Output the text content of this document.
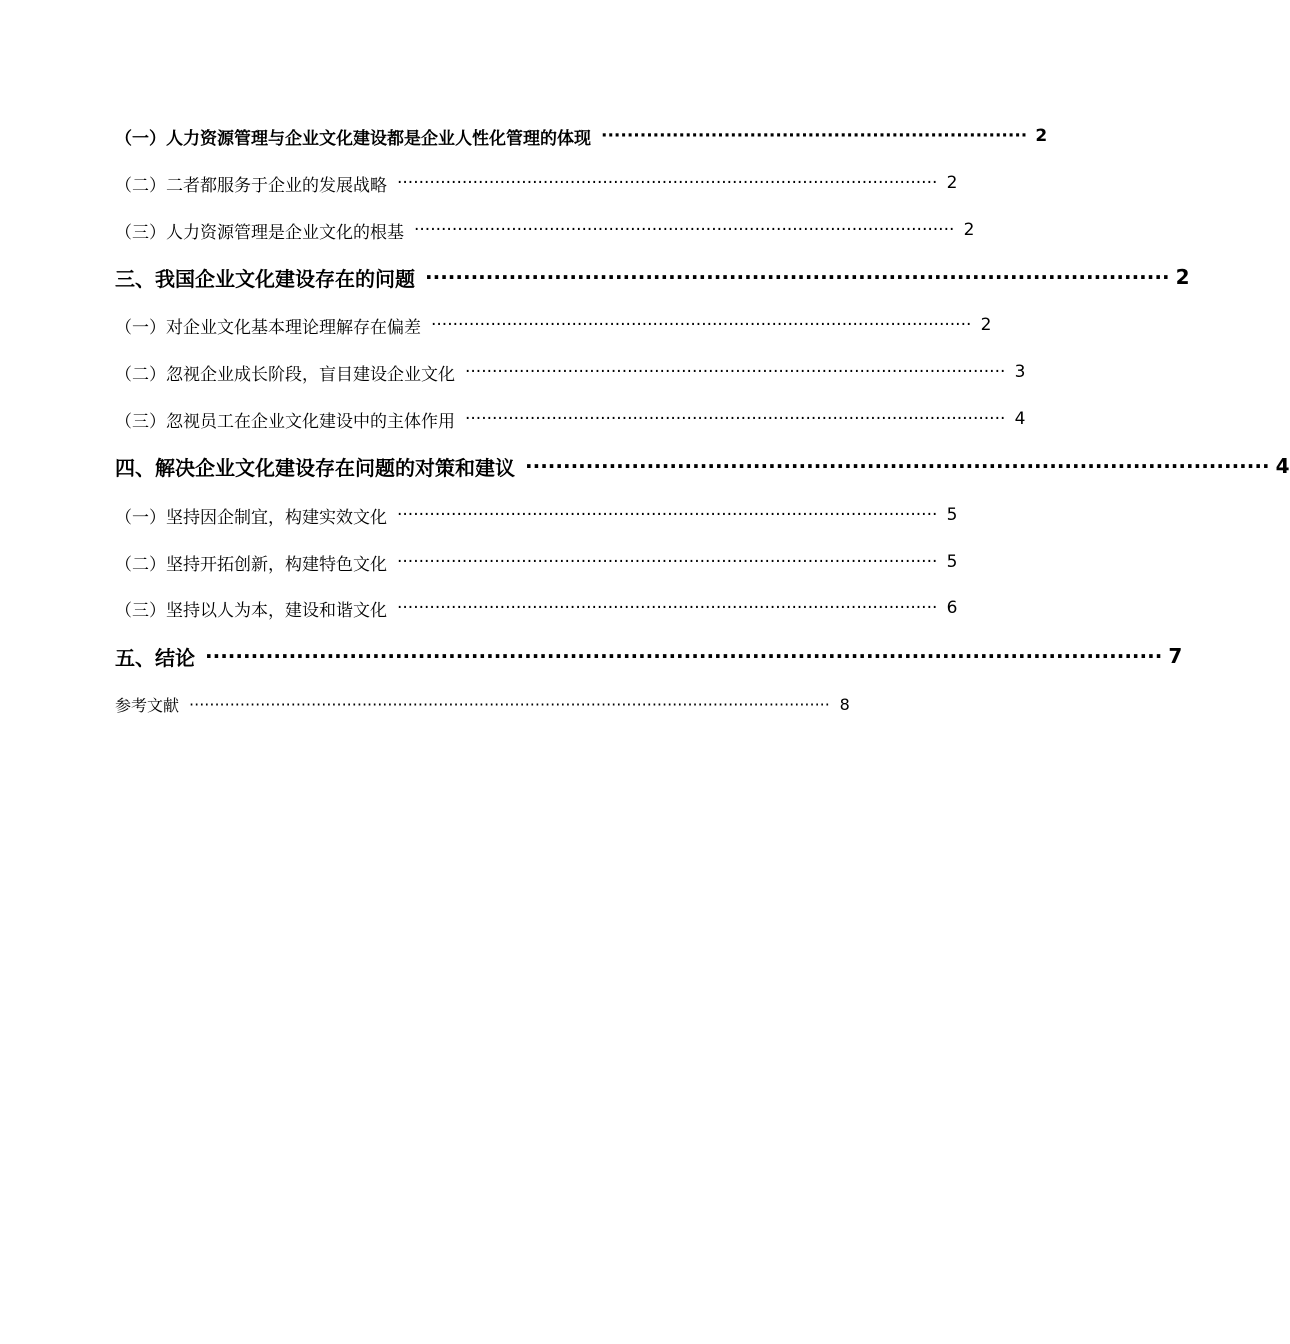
（一）人力资源管理与企业文化建设都是企业人性化管理的体现 ·································································· 2
（二）二者都服务于企业的发展战略 ···································································································· 2
（三）人力资源管理是企业文化的根基 ···································································································· 2
三、我国企业文化建设存在的问题 ·································································································· 2
（一）对企业文化基本理论理解存在偏差 ···································································································· 2
（二）忽视企业成长阶段，盲目建设企业文化 ···································································································· 3
（三）忽视员工在企业文化建设中的主体作用 ···································································································· 4
四、解决企业文化建设存在问题的对策和建议 ·································································································· 4
（一）坚持因企制宜，构建实效文化 ···································································································· 5
（二）坚持开拓创新，构建特色文化 ···································································································· 5
（三）坚持以人为本，建设和谐文化 ···································································································· 6
五、结论 ······························································································································ 7
参考文献 ······························································································································ 8
